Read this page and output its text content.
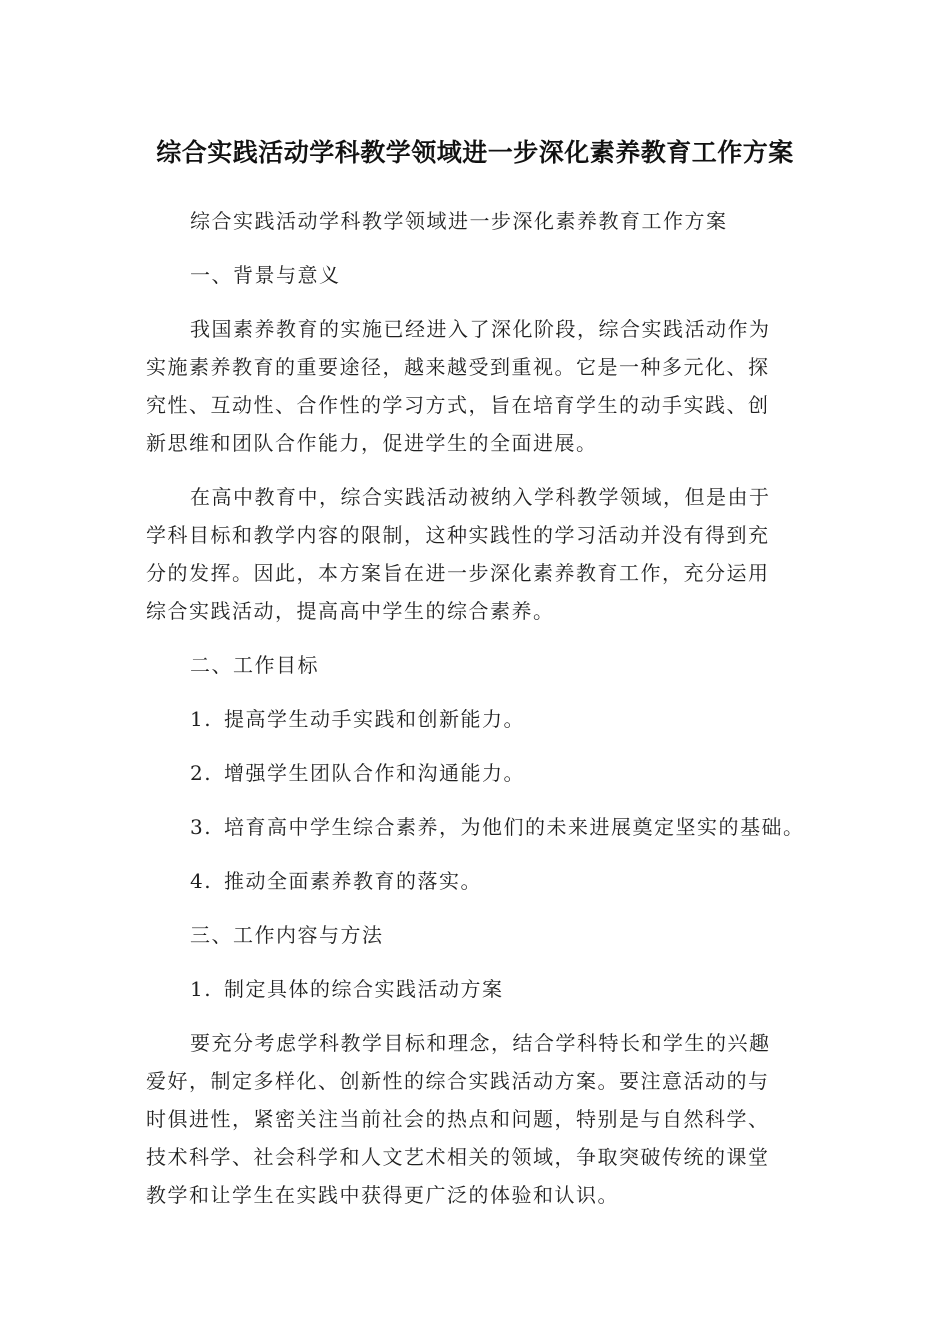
综合实践活动学科教学领域进一步深化素养教育工作方案
综合实践活动学科教学领域进一步深化素养教育工作方案
一、背景与意义
我国素养教育的实施已经进入了深化阶段，综合实践活动作为
实施素养教育的重要途径，越来越受到重视。它是一种多元化、探
究性、互动性、合作性的学习方式，旨在培育学生的动手实践、创
新思维和团队合作能力，促进学生的全面进展。
在高中教育中，综合实践活动被纳入学科教学领域，但是由于
学科目标和教学内容的限制，这种实践性的学习活动并没有得到充
分的发挥。因此，本方案旨在进一步深化素养教育工作，充分运用
综合实践活动，提高高中学生的综合素养。
二、工作目标
1. 提高学生动手实践和创新能力。
2. 增强学生团队合作和沟通能力。
3. 培育高中学生综合素养，为他们的未来进展奠定坚实的基础。
4. 推动全面素养教育的落实。
三、工作内容与方法
1. 制定具体的综合实践活动方案
要充分考虑学科教学目标和理念，结合学科特长和学生的兴趣
爱好，制定多样化、创新性的综合实践活动方案。要注意活动的与
时俱进性，紧密关注当前社会的热点和问题，特别是与自然科学、
技术科学、社会科学和人文艺术相关的领域，争取突破传统的课堂
教学和让学生在实践中获得更广泛的体验和认识。
